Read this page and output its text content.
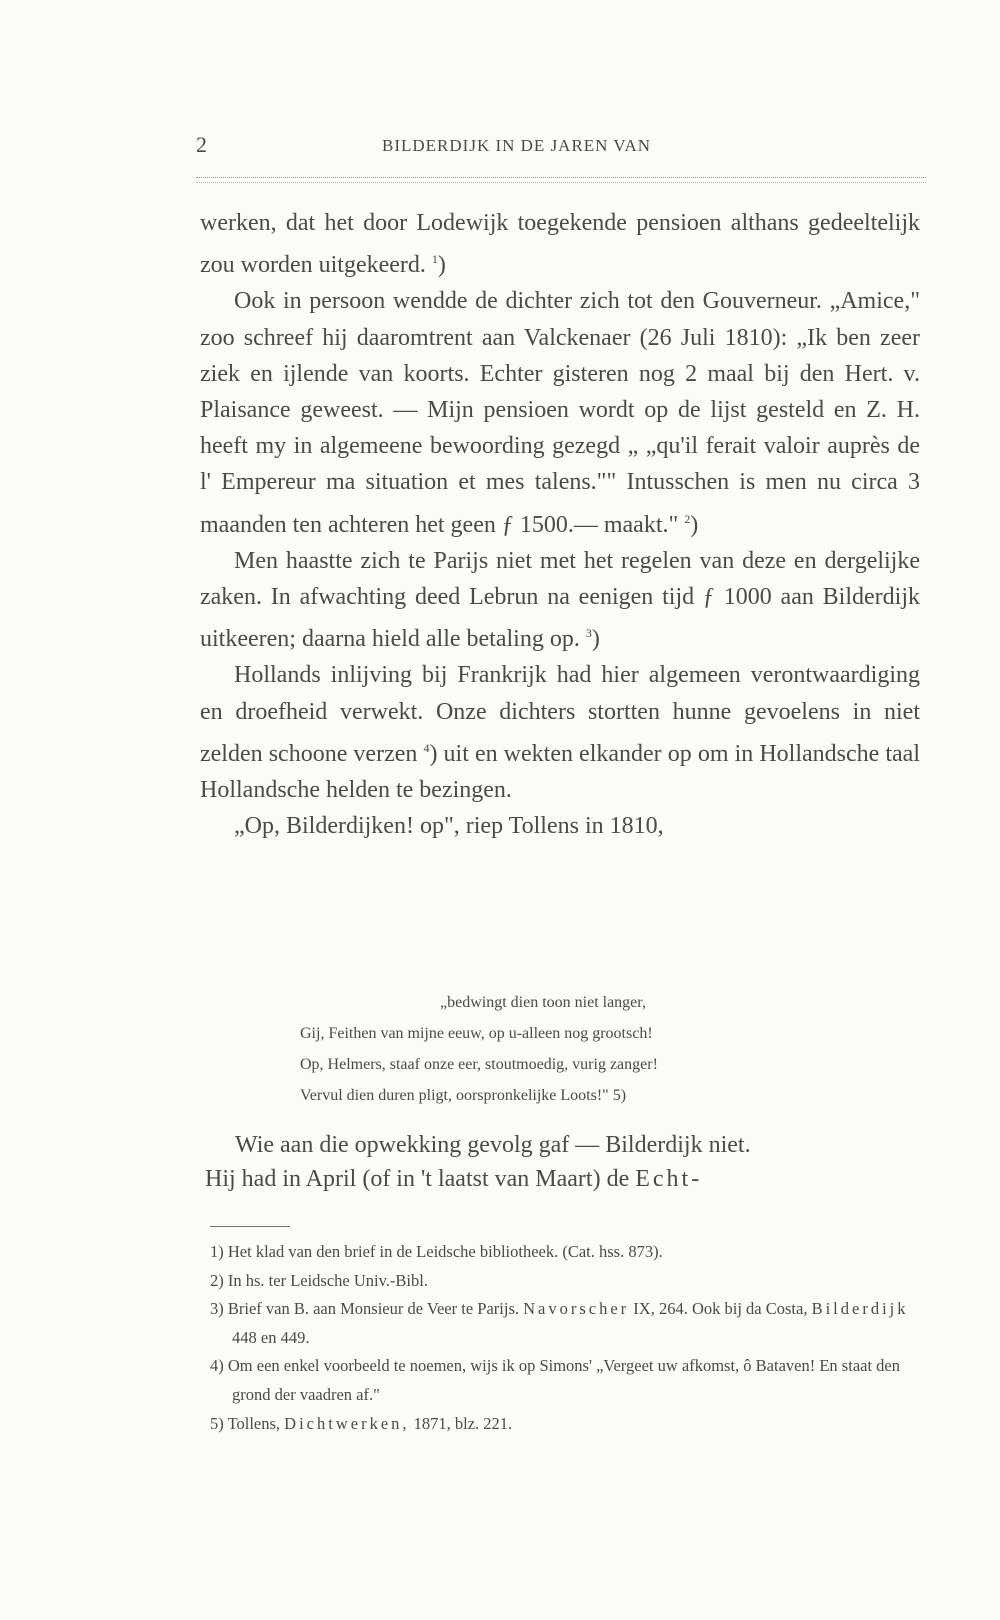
2	BILDERDIJK IN DE JAREN VAN

werken, dat het door Lodewijk toegekende pensioen althans gedeeltelijk zou worden uitgekeerd. $^1$)

Ook in persoon wendde de dichter zich tot den Gouverneur. „Amice," zoo schreef hij daaromtrent aan Valckenaer (26 Juli 1810): „Ik ben zeer ziek en ijlende van koorts. Echter gisteren nog 2 maal bij den Hert. v. Plaisance geweest. — Mijn pensioen wordt op de lijst gesteld en Z. H. heeft my in algemeene bewoording gezegd „ „qu'il ferait valoir auprès de l' Empereur ma situation et mes talens."" Intusschen is men nu circa 3 maanden ten achteren het geen ƒ 1500.— maakt." $^2$)

Men haastte zich te Parijs niet met het regelen van deze en dergelijke zaken. In afwachting deed Lebrun na eenigen tijd ƒ 1000 aan Bilderdijk uitkeeren; daarna hield alle betaling op. $^3$)

Hollands inlijving bij Frankrijk had hier algemeen verontwaardiging en droefheid verwekt. Onze dichters stortten hunne gevoelens in niet zelden schoone verzen $^4$) uit en wekten elkander op om in Hollandsche taal Hollandsche helden te bezingen.

„Op, Bilderdijken! op", riep Tollens in 1810,

„bedwingt dien toon niet langer,
Gij, Feithen van mijne eeuw, op u-alleen nog grootsch!
Op, Helmers, staaf onze eer, stoutmoedig, vurig zanger!
Vervul dien duren pligt, oorspronkelijke Loots!" 5)

Wie aan die opwekking gevolg gaf — Bilderdijk niet.

Hij had in April (of in 't laatst van Maart) de Echt-

1) Het klad van den brief in de Leidsche bibliotheek. (Cat. hss. 873).

2) In hs. ter Leidsche Univ.-Bibl.

3) Brief van B. aan Monsieur de Veer te Parijs. Navorscher IX, 264. Ook bij da Costa, Bilderdijk 448 en 449.

4) Om een enkel voorbeeld te noemen, wijs ik op Simons' „Vergeet uw afkomst, ô Bataven! En staat den grond der vaadren af."

5) Tollens, Dichtwerken, 1871, blz. 221.
